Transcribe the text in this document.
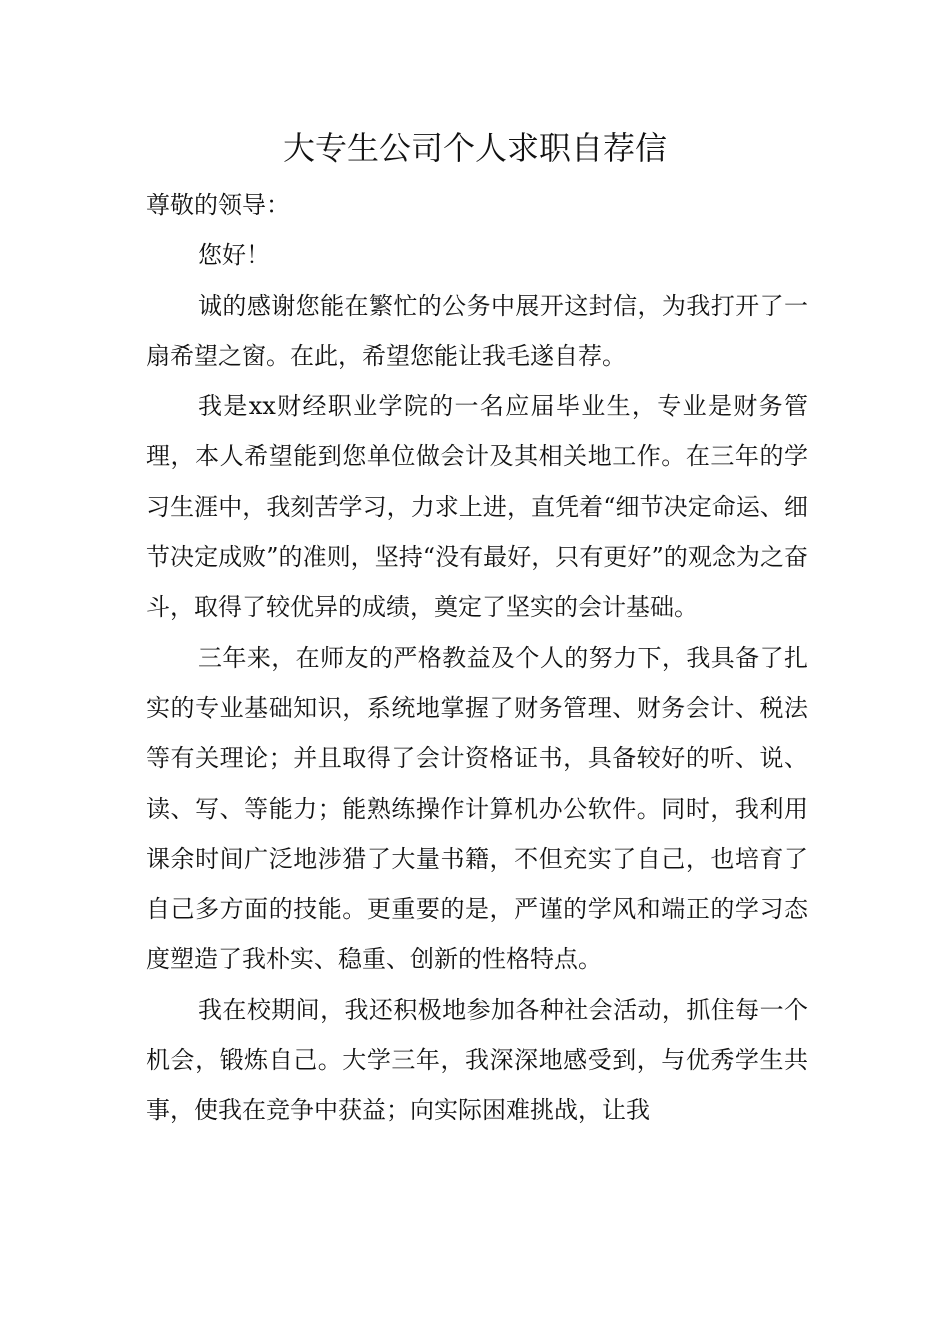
大专生公司个人求职自荐信

尊敬的领导：

您好！

诚的感谢您能在繁忙的公务中展开这封信，为我打开了一扇希望之窗。在此，希望您能让我毛遂自荐。

我是xx财经职业学院的一名应届毕业生，专业是财务管理，本人希望能到您单位做会计及其相关地工作。在三年的学习生涯中，我刻苦学习，力求上进，直凭着“细节决定命运、细节决定成败”的准则，坚持“没有最好，只有更好”的观念为之奋斗，取得了较优异的成绩，奠定了坚实的会计基础。

三年来，在师友的严格教益及个人的努力下，我具备了扎实的专业基础知识，系统地掌握了财务管理、财务会计、税法等有关理论；并且取得了会计资格证书，具备较好的听、说、读、写、等能力；能熟练操作计算机办公软件。同时，我利用课余时间广泛地涉猎了大量书籍，不但充实了自己，也培育了自己多方面的技能。更重要的是，严谨的学风和端正的学习态度塑造了我朴实、稳重、创新的性格特点。

我在校期间，我还积极地参加各种社会活动，抓住每一个机会，锻炼自己。大学三年，我深深地感受到，与优秀学生共事，使我在竞争中获益；向实际困难挑战，让我
